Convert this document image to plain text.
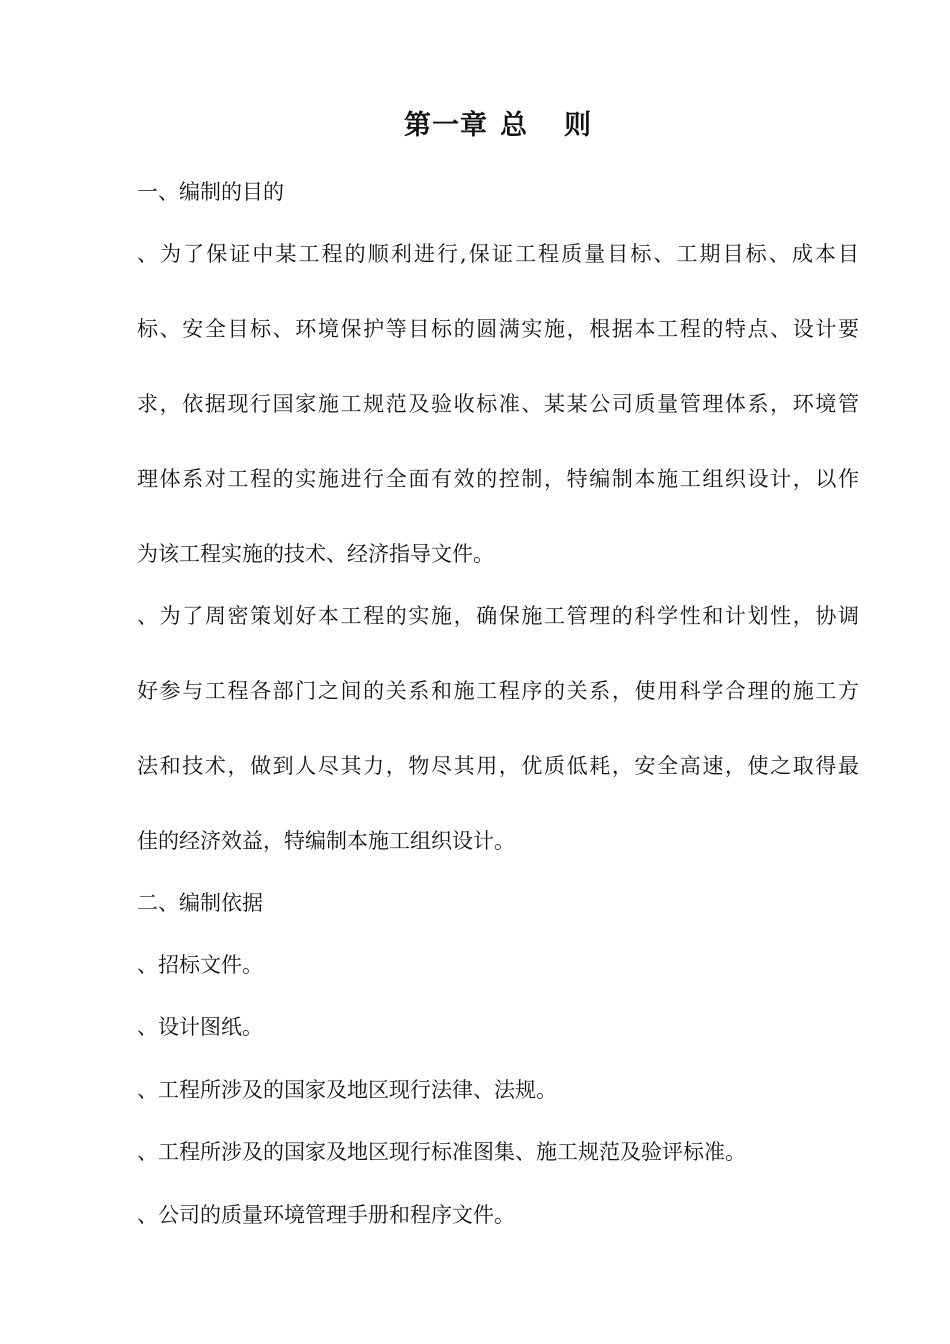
第一章 总 则

一、编制的目的

、为了保证中某工程的顺利进行,保证工程质量目标、工期目标、成本目

标、安全目标、环境保护等目标的圆满实施，根据本工程的特点、设计要

求，依据现行国家施工规范及验收标准、某某公司质量管理体系，环境管

理体系对工程的实施进行全面有效的控制，特编制本施工组织设计，以作

为该工程实施的技术、经济指导文件。

、为了周密策划好本工程的实施，确保施工管理的科学性和计划性，协调

好参与工程各部门之间的关系和施工程序的关系，使用科学合理的施工方

法和技术，做到人尽其力，物尽其用，优质低耗，安全高速，使之取得最

佳的经济效益，特编制本施工组织设计。

二、编制依据

、招标文件。

、设计图纸。

、工程所涉及的国家及地区现行法律、法规。

、工程所涉及的国家及地区现行标准图集、施工规范及验评标准。

、公司的质量环境管理手册和程序文件。
